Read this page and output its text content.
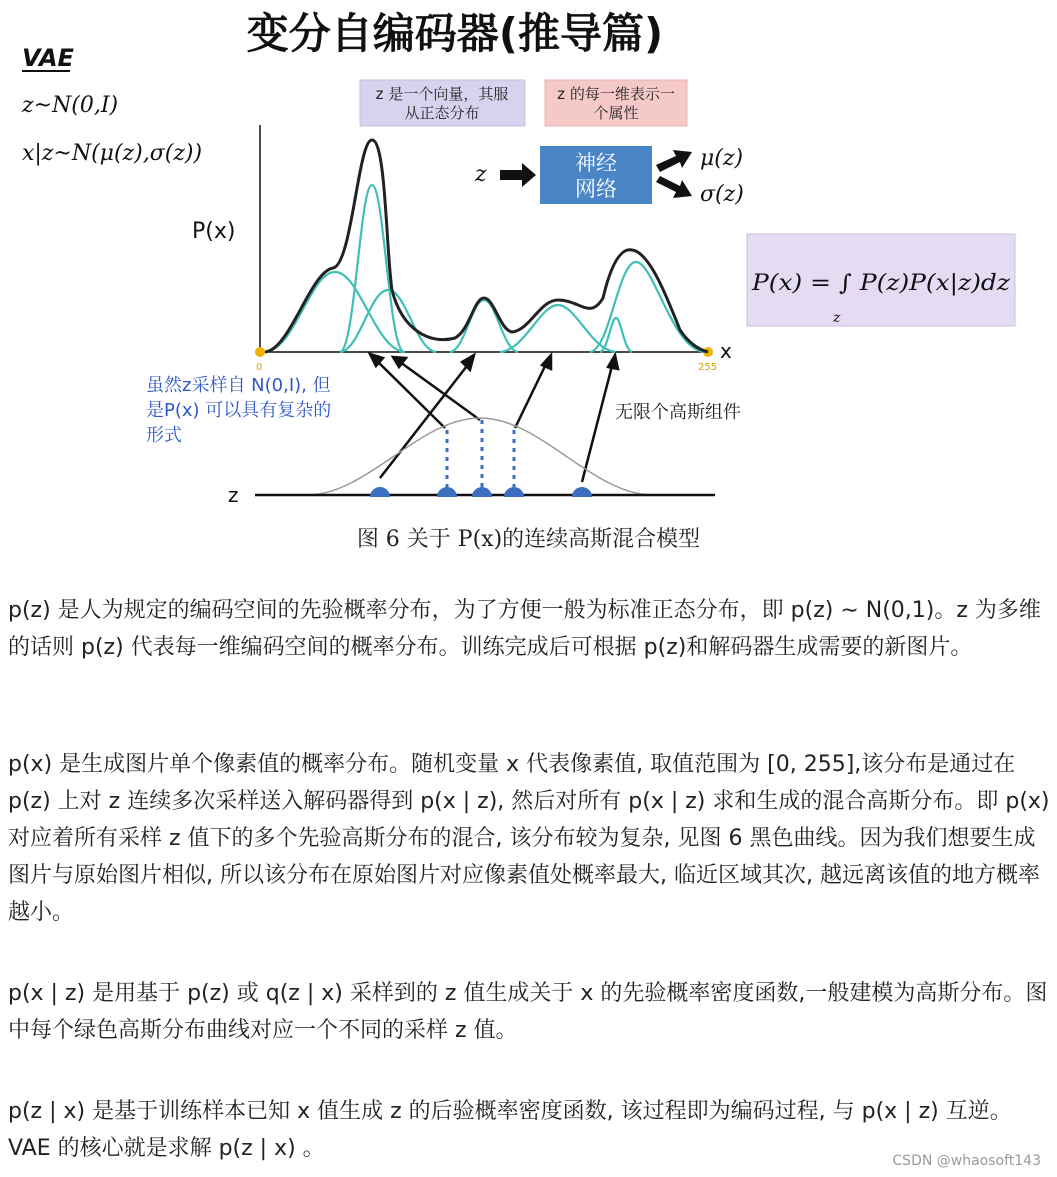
变分自编码器(推导篇)
VAE
z~N(0,I)
x|z~N(μ(z),σ(z))
z 是一个向量，其服
从正态分布
z 的每一维表示一
个属性
z	神经
网络
μ(z)
σ(z)
P(x) = ∫ P(z)P(x|z)dz
z
P(x)
x
0	255
z
虽然z采样自 N(0,I), 但
是P(x) 可以具有复杂的
形式
无限个高斯组件
图 6 关于 P(x)的连续高斯混合模型

p(z) 是人为规定的编码空间的先验概率分布，为了方便一般为标准正态分布，即 p(z) ∼ N(0,1)。z 为多维的话则 p(z) 代表每一维编码空间的概率分布。训练完成后可根据 p(z)和解码器生成需要的新图片。

p(x) 是生成图片单个像素值的概率分布。随机变量 x 代表像素值, 取值范围为 [0, 255],该分布是通过在 p(z) 上对 z 连续多次采样送入解码器得到 p(x | z), 然后对所有 p(x | z) 求和生成的混合高斯分布。即 p(x) 对应着所有采样 z 值下的多个先验高斯分布的混合, 该分布较为复杂, 见图 6 黑色曲线。因为我们想要生成图片与原始图片相似, 所以该分布在原始图片对应像素值处概率最大, 临近区域其次, 越远离该值的地方概率越小。

p(x | z) 是用基于 p(z) 或 q(z | x) 采样到的 z 值生成关于 x 的先验概率密度函数,一般建模为高斯分布。图中每个绿色高斯分布曲线对应一个不同的采样 z 值。

p(z | x) 是基于训练样本已知 x 值生成 z 的后验概率密度函数, 该过程即为编码过程, 与 p(x | z) 互逆。VAE 的核心就是求解 p(z | x) 。	CSDN @whaosoft143
